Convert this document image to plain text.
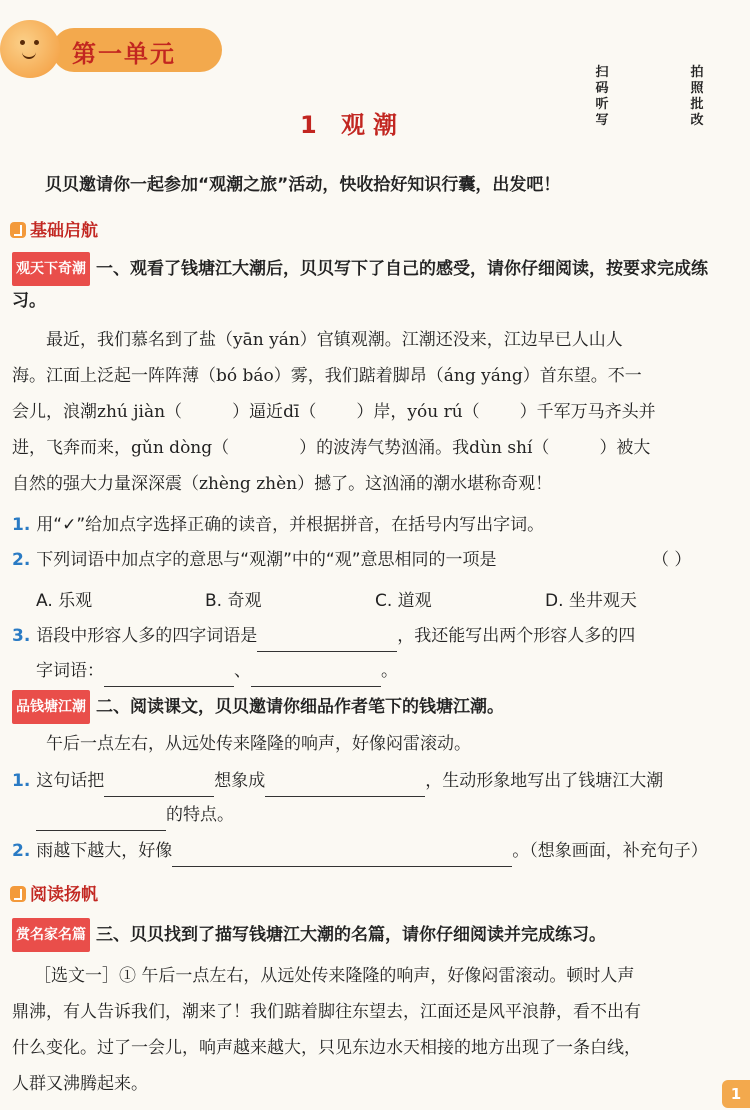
第一单元
1 观潮
扫码听写
拍照批改
贝贝邀请你一起参加“观潮之旅”活动，快收拾好知识行囊，出发吧！
基础启航
观天下奇潮 一、观看了钱塘江大潮后，贝贝写下了自己的感受，请你仔细阅读，按要求完成练习。
最近，我们慕名到了盐（yān yán）官镇观潮。江潮还没来，江边早已人山人
海。江面上泛起一阵阵薄（bó báo）雾，我们踮着脚昂（áng yáng）首东望。不一
会儿，浪潮zhú jiàn（	）逼近dī（ ）岸，yóu rú（ ）千军万马齐头并
进，飞奔而来，gǔn dòng（	）的波涛气势汹涌。我dùn shí（	）被大
自然的强大力量深深震（zhèng zhèn）撼了。这汹涌的潮水堪称奇观！
1. 用“✓”给加点字选择正确的读音，并根据拼音，在括号内写出字词。
2. 下列词语中加点字的意思与“观潮”中的“观”意思相同的一项是	（ ）
A. 乐观	B. 奇观	C. 道观	D. 坐井观天
3. 语段中形容人多的四字词语是	，我还能写出两个形容人多的四
字词语：	、	。
品钱塘江潮 二、阅读课文，贝贝邀请你细品作者笔下的钱塘江潮。
午后一点左右，从远处传来隆隆的响声，好像闷雷滚动。
1. 这句话把	想象成	，生动形象地写出了钱塘江大潮
的特点。
2. 雨越下越大，好像	。（想象画面，补充句子）
阅读扬帆
赏名家名篇 三、贝贝找到了描写钱塘江大潮的名篇，请你仔细阅读并完成练习。
［选文一］① 午后一点左右，从远处传来隆隆的响声，好像闷雷滚动。顿时人声
鼎沸，有人告诉我们，潮来了！我们踮着脚往东望去，江面还是风平浪静，看不出有
什么变化。过了一会儿，响声越来越大，只见东边水天相接的地方出现了一条白线，
人群又沸腾起来。	1
